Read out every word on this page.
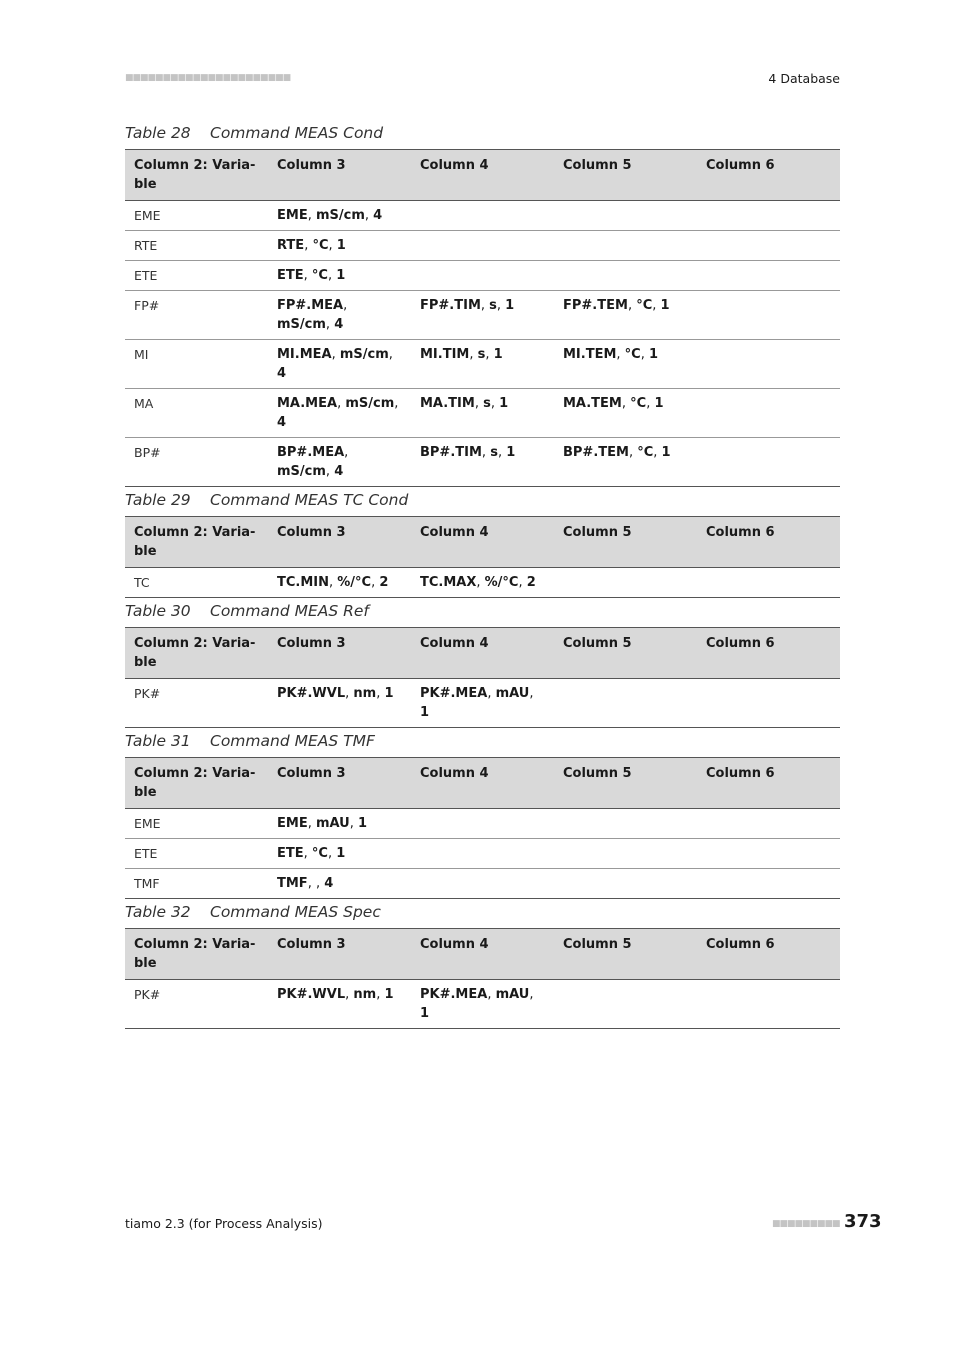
■■■■■■■■■■■■■■■■■■■■■■	4 Database
Table 28 Command MEAS Cond
Column 2: Varia-ble	Column 3	Column 4	Column 5	Column 6
EME	EME, mS/cm, 4			
RTE	RTE, °C, 1			
ETE	ETE, °C, 1			
FP#	FP#.MEA, mS/cm, 4	FP#.TIM, s, 1	FP#.TEM, °C, 1	
MI	MI.MEA, mS/cm, 4	MI.TIM, s, 1	MI.TEM, °C, 1	
MA	MA.MEA, mS/cm, 4	MA.TIM, s, 1	MA.TEM, °C, 1	
BP#	BP#.MEA, mS/cm, 4	BP#.TIM, s, 1	BP#.TEM, °C, 1	
Table 29 Command MEAS TC Cond
Column 2: Varia-ble	Column 3	Column 4	Column 5	Column 6
TC	TC.MIN, %/°C, 2	TC.MAX, %/°C, 2		
Table 30 Command MEAS Ref
Column 2: Varia-ble	Column 3	Column 4	Column 5	Column 6
PK#	PK#.WVL, nm, 1	PK#.MEA, mAU, 1		
Table 31 Command MEAS TMF
Column 2: Varia-ble	Column 3	Column 4	Column 5	Column 6
EME	EME, mAU, 1			
ETE	ETE, °C, 1			
TMF	TMF, , 4			
Table 32 Command MEAS Spec
Column 2: Varia-ble	Column 3	Column 4	Column 5	Column 6
PK#	PK#.WVL, nm, 1	PK#.MEA, mAU, 1		
tiamo 2.3 (for Process Analysis)	■■■■■■■■■ 373
